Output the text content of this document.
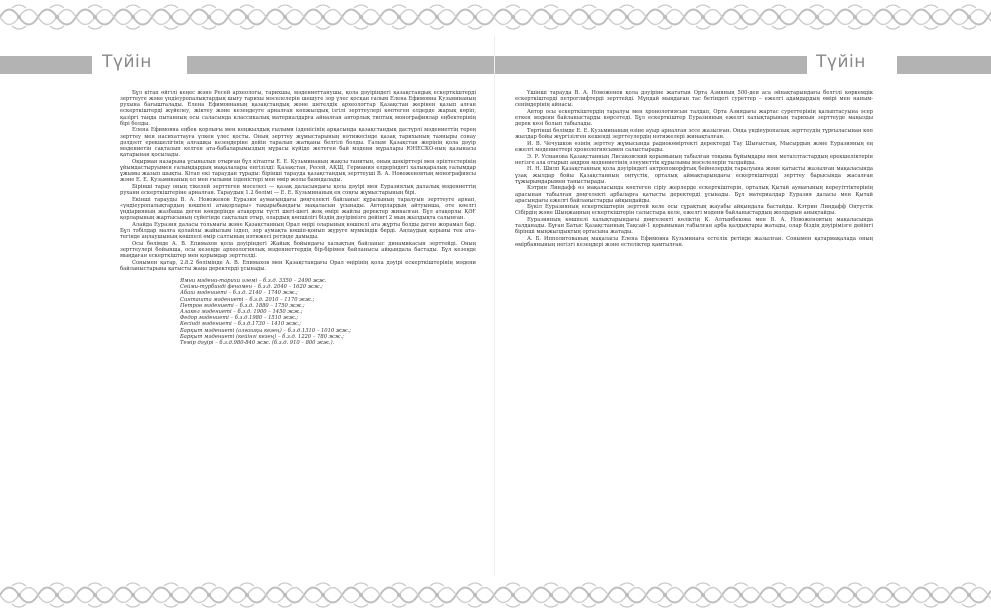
Түйін	Түйін

Бұл кітап өйгілі кеңес және Ресей археологы, тарихшы, мәдениеттанушы, қола дәуіріндегі қазақстандық ескерткіштерді зерттеуге және үндіеуропалықтардың шығу тарихы мәселелерін шешуге зор үлес қосқан ғалым Елена Ефимовна Кузьминаның рухына бағышталады. Елена Ефимовнаның қазақстандық және шетелдік археологтар Қазақстан жерінен қазып алған ескерткіштерді жүйелеу, жіктеу және кезеңдеуге арналған көпжылдық ізгілі зерттеулері көптеген елдерде жарық көріп, қазіргі таңда пытанның осы саласында классикалық материалдарға айналған авторлық типтық монографиялар еңбектерінің бірі болды.

Елена Ефимовна еңбек қорлығы мен кеңжылдық ғылыми ізденісінің арқасында қазақстандық дастүрлі мәдениеттің терең зерттеу мен насихаттауға үлкен үлес қосты. Оның зерттеу жұмыстарының нәтижесінде қазақ тарихының таяныры сонау дәлдәлт ерекшелігінің алғашқы кезеңдеріне дейін таралып жатқаны белгілі болды. Ғалым Қазақстан жерінің қола дәуір мәдениетін сақталып келген ата-бабаларымыздың мұрасы күйіде жетеген бай мәдени мұралары ЮНЕСКО-ның қазынасы қатарынан қосылады.

Оқырман назарына ұсынылып отырған бұл кітапты Е. Е. Кузьминаның жақсы танитын, оның шәкірттері мен әріптестерінің ұйымдастыруымен ғалымдардың мақалалары енгізілді: Қазақстан, Ресей, АҚШ, Германия елдеріндегі халықаралық ғалымдар ұжымы жазып шықты. Кітап екі тараудан тұрады: бірінші тарауда қазақстандық зерттеуші В. А. Новоженовтың монографиясы және Е. Е. Кузьминаның ол мен ғылыми ізденістері мен өмір жолы баяндалады.

Бірінші тарау оның тікелей зерттеген мәселесі — қазақ даласындағы қола дәуірі мен Еуразиялық далалық мәдениеттің рухани ескерткіштеріне арналған. Тараудың 1.2 бөлімі — Е. Е. Кузьминаның ең соңғы жұмыстарының бірі.

Екінші тарауды В. А. Новоженов Еуразия аумағындағы дөңгелекті байланыс құралының таралуын зерттеуге арнап, «үндіеуропалықтардың көшпелі атақорлары» тақырыбындағы мақаласын ұсынады. Авторлардың айтуынша, оте көелгі үндіарияның жазбаша деген көндерінде атақорлы түсті шегі-шегі жоқ өмірі жайлы деректер жиналған. Бұл атақорлы ҚӘҒ қорларының жартысының сүйегінде сақталып отыр, олардың көпшілігі біздің дәуірімізге дейінгі 2 мың жылдықта салынған.

Алайда Еуразия даласы тольмағы және Қазақстанның Орал өңірі оларының көшпелі ата жұрты болды деген жорамал бар. Бұл тәбілдар малға қолайлы жайылым іздеп, зор аумақта көшіп-қонып жүруге мүмкіндік берді. Аңлаудың қорыны тек ата-тегінде аңлаушының көшпелі өмір салтының нәтижесі ретінде дамыды.

Осы бөлімде А. В. Епимахов қола дәуіріндегі Жайық бойындағы халықтың байланыс динамикасын зерттейді. Оның зерттеулері бойынша, осы кезеңде археологиялық мәдениеттердің бір-бірімен байланысы айқындала бастады. Бұл кезеңде мыңдаған ескерткіштер мен қорымдар зерттелді.

Сонымен қатар, 2.8.2 бөлімінде А. В. Епимахов мен Қазақстандағы Орал өңірінің қола дәуірі ескерткіштерінің мәдени байланыстарына қатысты жаңа деректерді ұсынады.

Ямни мәдени-тарихи әлемі – б.з.д. 3350 – 2490 жж.
Сейми-турбинді феномен – б.з.д. 2040 – 1620 жж.;
Абаш мәдениеті – б.з.д. 2140 – 1740 жж.;
Синташта мәдениеті – б.з.д. 2010 – 1170 жж.;
Петров мәдениеті – б.з.д. 1880 – 1750 жж.;
Алакөл мәдениеті – б.з.д. 1900 – 1450 жж.;
Федор мәдениеті – б.з.д.1980 – 1510 жж.;
Кесінді мәдениеті – б.з.д.1730 – 1410 жж.;
Барқыт мәдениеті (алғашқы кезең) – б.з.д.1310 – 1010 жж.;
Барқыт мәдениеті (кейінгі кезең) – б.з.д. 1220 – 780 жж.;
Темір дәуірі – б.з.д.980-840 жж. (б.з.д. 910 – 800 жж.).

Үшінші тарауда В. А. Новоженов қола дәуіріне жататын Орта Азияның 500-ден аса әйнақтарындағы белгілі көркемдік ескерткіштерді петроглифтерді зерттейді. Мұндай мыңдаған тас бетіндегі суреттер – ежелгі адамдардың өмірі мен наным-сенімдерінің айнасы.

Автор осы ескерткіштердің таралуы мен хронологиясын талдап, Орта Азиядағы жартас суреттерінің қалыптасуына әсер еткен мәдени байланыстарды көрсетеді. Бұл ескерткіштер Еуразияның ежелгі халықтарының тарихын зерттеуде маңызды дерек көзі болып табылады.

Төртінші бөлімде Е. Е. Кузьминаның өзіне ауыр арналған эссе жазылған. Онда үндіеуропалық зерттеудің тұрғыласынан көп жылдар бойы жүргізілген кешенді зерттеулердің нәтижелері жинақталған.

И. В. Чечушков өзінің зерттеу жұмысында радиокөміртекті деректерді Тау Шығыстың, Мысырдың және Еуразияның ең ежелгі мәдениеттері хронологиясымен салыстырады.

Э. Р. Усманова Қазақстанның Лисаковский қорымының табылған тоқыма бұйымдары мен металлтастардың ерекшеліктерін негізге ала отырып андрон мәдениетінің әлеуметтік құрылымы мәселелерін талдайды.

Н. Н. Шилп Қазақстанның қола дәуіріндегі антропоморфтық бейнелердің таралуына және қатысты жазылған мақаласында ұзақ жылдар бойы Қазақстанның оңтүстік, орталық аймақтарындағы ескерткіштерді зерттеу барысында жасалған тұжырымдарымен таныстырады.

Кэтрин Линдафф өз мақаласында көптеген сіріу жерлерде ескерткіштерін, орталық Қытай аумағының кереуіттіктерінің арасынан табылған дөңгелекті арбаларға қатысты деректерді ұсынады. Бұл материалдар Еуразия даласы мен Қытай арасындағы ежелгі байланыстарды айқындайды.

Бүкіл Еуразияның ескерткіштерін зерттей келе осы сұрақтың жауабы айқындала бастайды. Кэтрин Линдафф Оңтүстік Сібірдің және Шыңжаңның ескерткіштерін салыстыра келе, ежелгі мәдени байланыстардың жолдарын анықтайды.

Еуразияның көшпелі халықтарындағы дөңгелекті көліктің К. Алтынбекова мен В. А. Новоженовтың мақаласында талданады. Бұған Батыс Қазақстанның Тақсай-1 қорымынан табылған арба қалдықтары жатады, олар біздің дәуірімізге дейінгі бірінші мыңжылдықтың ортасына жатады.

А. Б. Ипполитованың мақаласы Елена Ефимовна Кузьминаға естелік ретінде жазылған. Сонымен қатармақалада оның өмірбаянының негізгі кезеңдері және естеліктер қамтылған.
